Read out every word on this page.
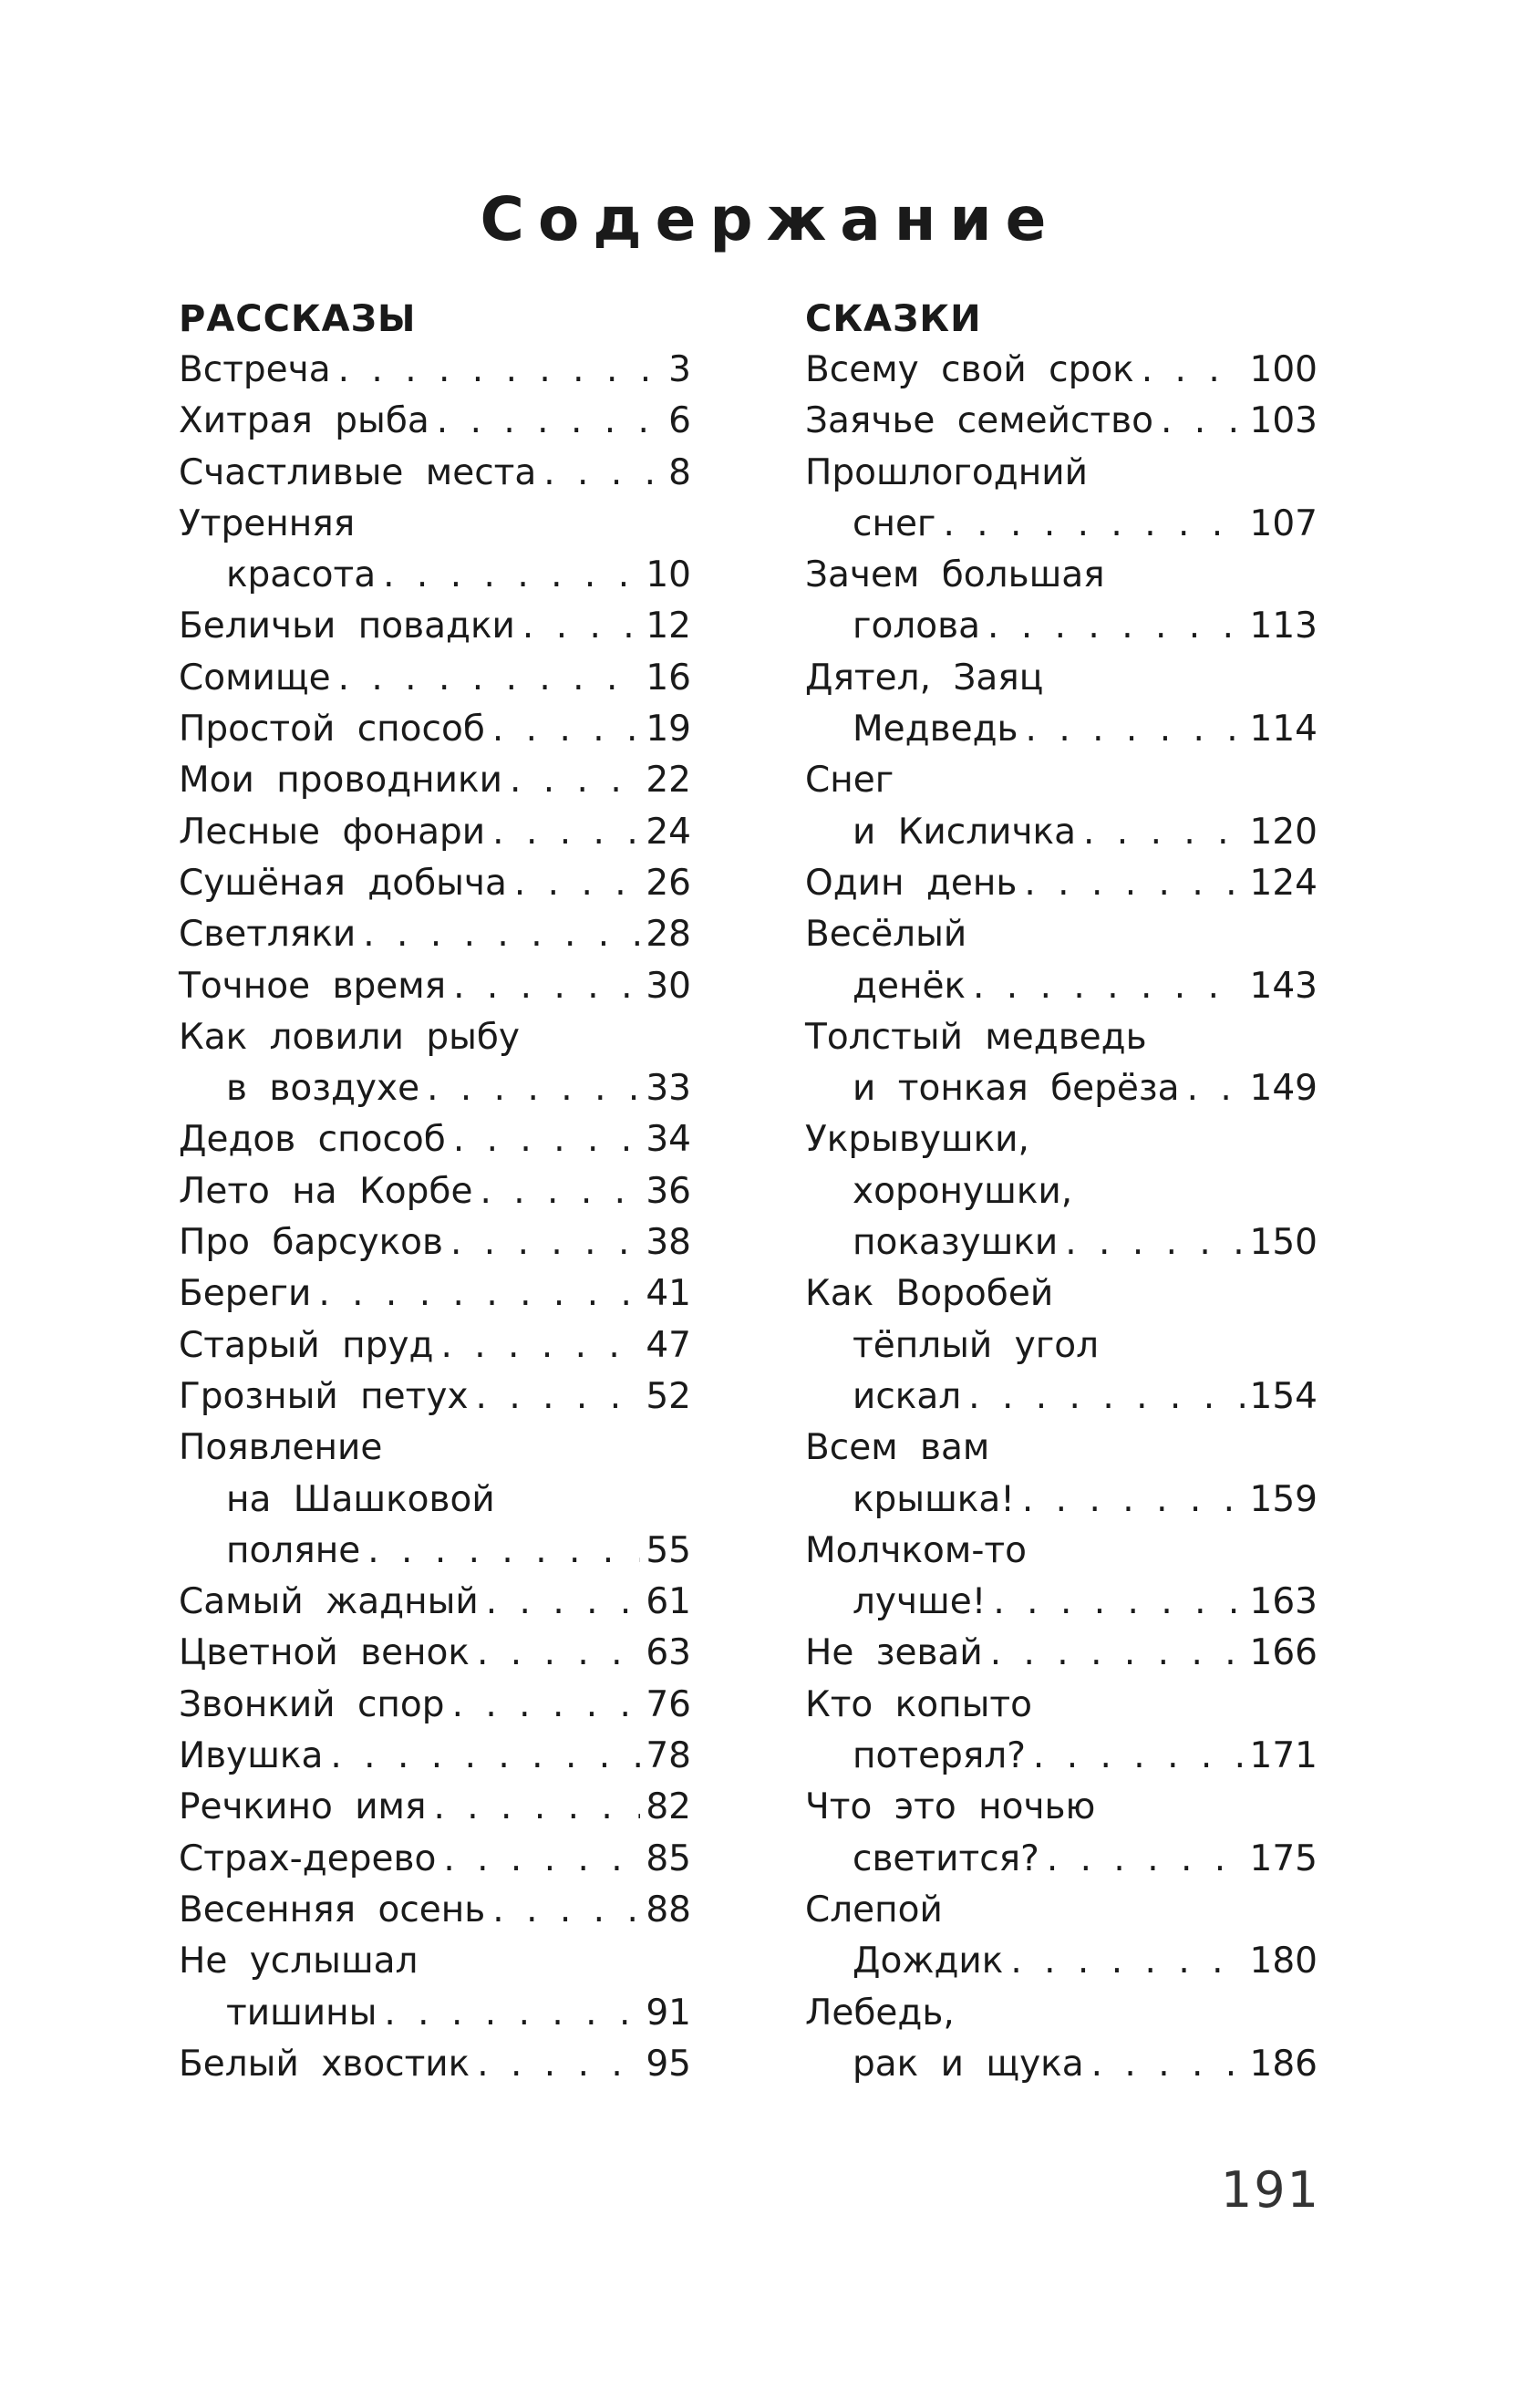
Содержание
РАССКАЗЫ
Встреча . . .	3
Хитрая рыба . . .	6
Счастливые места . . .	8
Утренняя
красота . . .	10
Беличьи повадки . . .	12
Сомище . . .	16
Простой способ . . .	19
Мои проводники . . .	22
Лесные фонари . . .	24
Сушёная добыча . . .	26
Светляки . . .	28
Точное время . . .	30
Как ловили рыбу
в воздухе . . .	33
Дедов способ . . .	34
Лето на Корбе . . .	36
Про барсуков . . .	38
Береги . . .	41
Старый пруд . . .	47
Грозный петух . . .	52
Появление
на Шашковой
поляне . . .	55
Самый жадный . . .	61
Цветной венок . . .	63
Звонкий спор . . .	76
Ивушка . . .	78
Речкино имя . . .	82
Страх-дерево . . .	85
Весенняя осень . . .	88
Не услышал
тишины . . .	91
Белый хвостик . . .	95
СКАЗКИ
Всему свой срок . . .	100
Заячье семейство . . .	103
Прошлогодний
снег . . .	107
Зачем большая
голова . . .	113
Дятел, Заяц
Медведь . . .	114
Снег
и Кисличка . . .	120
Один день . . .	124
Весёлый
денёк . . .	143
Толстый медведь
и тонкая берёза . . . 149
Укрывушки,
хоронушки,
показушки . . .	150
Как Воробей
тёплый угол
искал . . .	154
Всем вам
крышка! . . .	159
Молчком-то
лучше! . . .	163
Не зевай . . .	166
Кто копыто
потерял? . . .	171
Что это ночью
светится? . . .	175
Слепой
Дождик . . .	180
Лебедь,
рак и щука . . .	186
191
